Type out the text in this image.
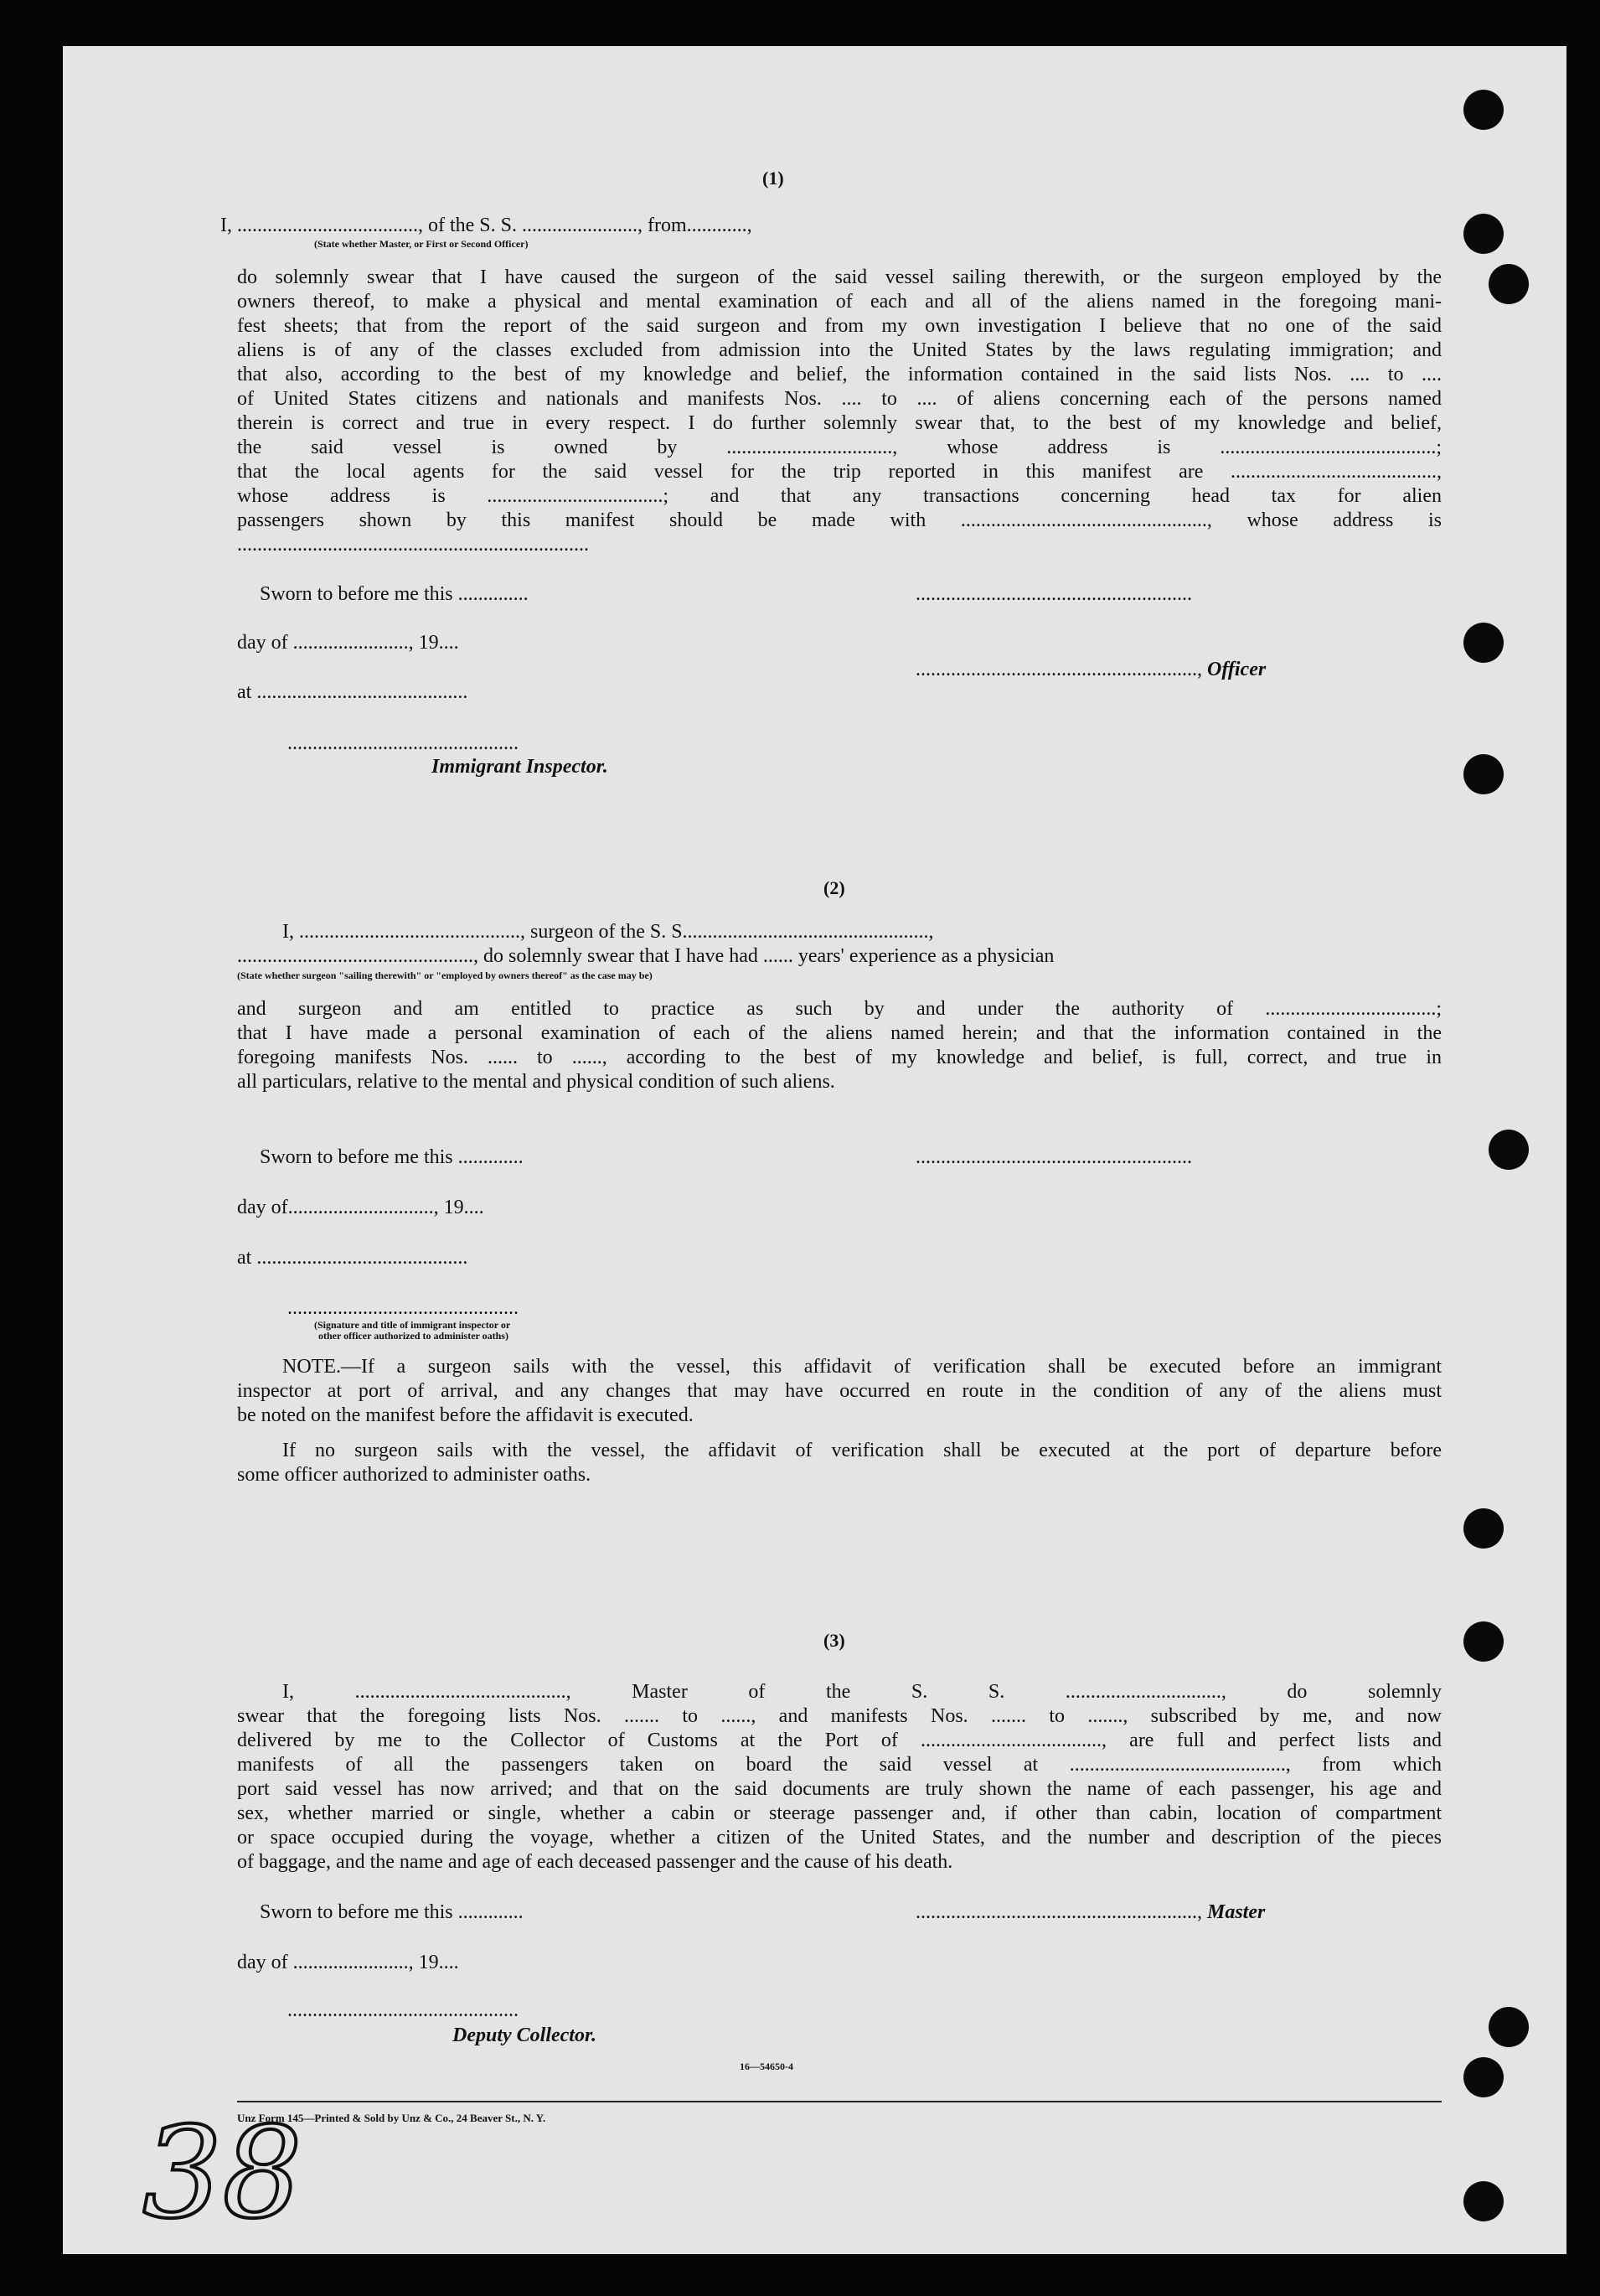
(1)
I, ...................................., of the S. S. ......................., from............,
(State whether Master, or First or Second Officer)
do solemnly swear that I have caused the surgeon of the said vessel sailing therewith, or the surgeon employed by the
owners thereof, to make a physical and mental examination of each and all of the aliens named in the foregoing mani-
fest sheets; that from the report of the said surgeon and from my own investigation I believe that no one of the said
aliens is of any of the classes excluded from admission into the United States by the laws regulating immigration; and
that also, according to the best of my knowledge and belief, the information contained in the said lists Nos. .... to ....
of United States citizens and nationals and manifests Nos. .... to .... of aliens concerning each of the persons named
therein is correct and true in every respect. I do further solemnly swear that, to the best of my knowledge and belief,
the said vessel is owned by ................................., whose address is ...........................................;
that the local agents for the said vessel for the trip reported in this manifest are .........................................,
whose address is ...................................; and that any transactions concerning head tax for alien
passengers shown by this manifest should be made with ................................................., whose address is
......................................................................
Sworn to before me this ..............	.......................................................
day of ......................., 19....
........................................................, Officer
at ..........................................
..............................................
Immigrant Inspector.
(2)
I, ............................................, surgeon of the S. S.................................................,
..............................................., do solemnly swear that I have had ...... years' experience as a physician
(State whether surgeon "sailing therewith" or "employed by owners thereof" as the case may be)
and surgeon and am entitled to practice as such by and under the authority of ..................................;
that I have made a personal examination of each of the aliens named herein; and that the information contained in the
foregoing manifests Nos. ...... to ......, according to the best of my knowledge and belief, is full, correct, and true in
all particulars, relative to the mental and physical condition of such aliens.
Sworn to before me this .............	.......................................................
day of............................., 19....
at ..........................................
..............................................
(Signature and title of immigrant inspector or
other officer authorized to administer oaths)
NOTE.—If a surgeon sails with the vessel, this affidavit of verification shall be executed before an immigrant
inspector at port of arrival, and any changes that may have occurred en route in the condition of any of the aliens must
be noted on the manifest before the affidavit is executed.
If no surgeon sails with the vessel, the affidavit of verification shall be executed at the port of departure before
some officer authorized to administer oaths.
(3)
I, .........................................., Master of the S. S. ..............................., do solemnly
swear that the foregoing lists Nos. ....... to ......, and manifests Nos. ....... to ......., subscribed by me, and now
delivered by me to the Collector of Customs at the Port of ...................................., are full and perfect lists and
manifests of all the passengers taken on board the said vessel at ..........................................., from which
port said vessel has now arrived; and that on the said documents are truly shown the name of each passenger, his age and
sex, whether married or single, whether a cabin or steerage passenger and, if other than cabin, location of compartment
or space occupied during the voyage, whether a citizen of the United States, and the number and description of the pieces
of baggage, and the name and age of each deceased passenger and the cause of his death.
Sworn to before me this .............	........................................................, Master
day of ......................., 19....
..............................................
Deputy Collector.
16—54650-4
Unz Form 145—Printed & Sold by Unz & Co., 24 Beaver St., N. Y.
38
